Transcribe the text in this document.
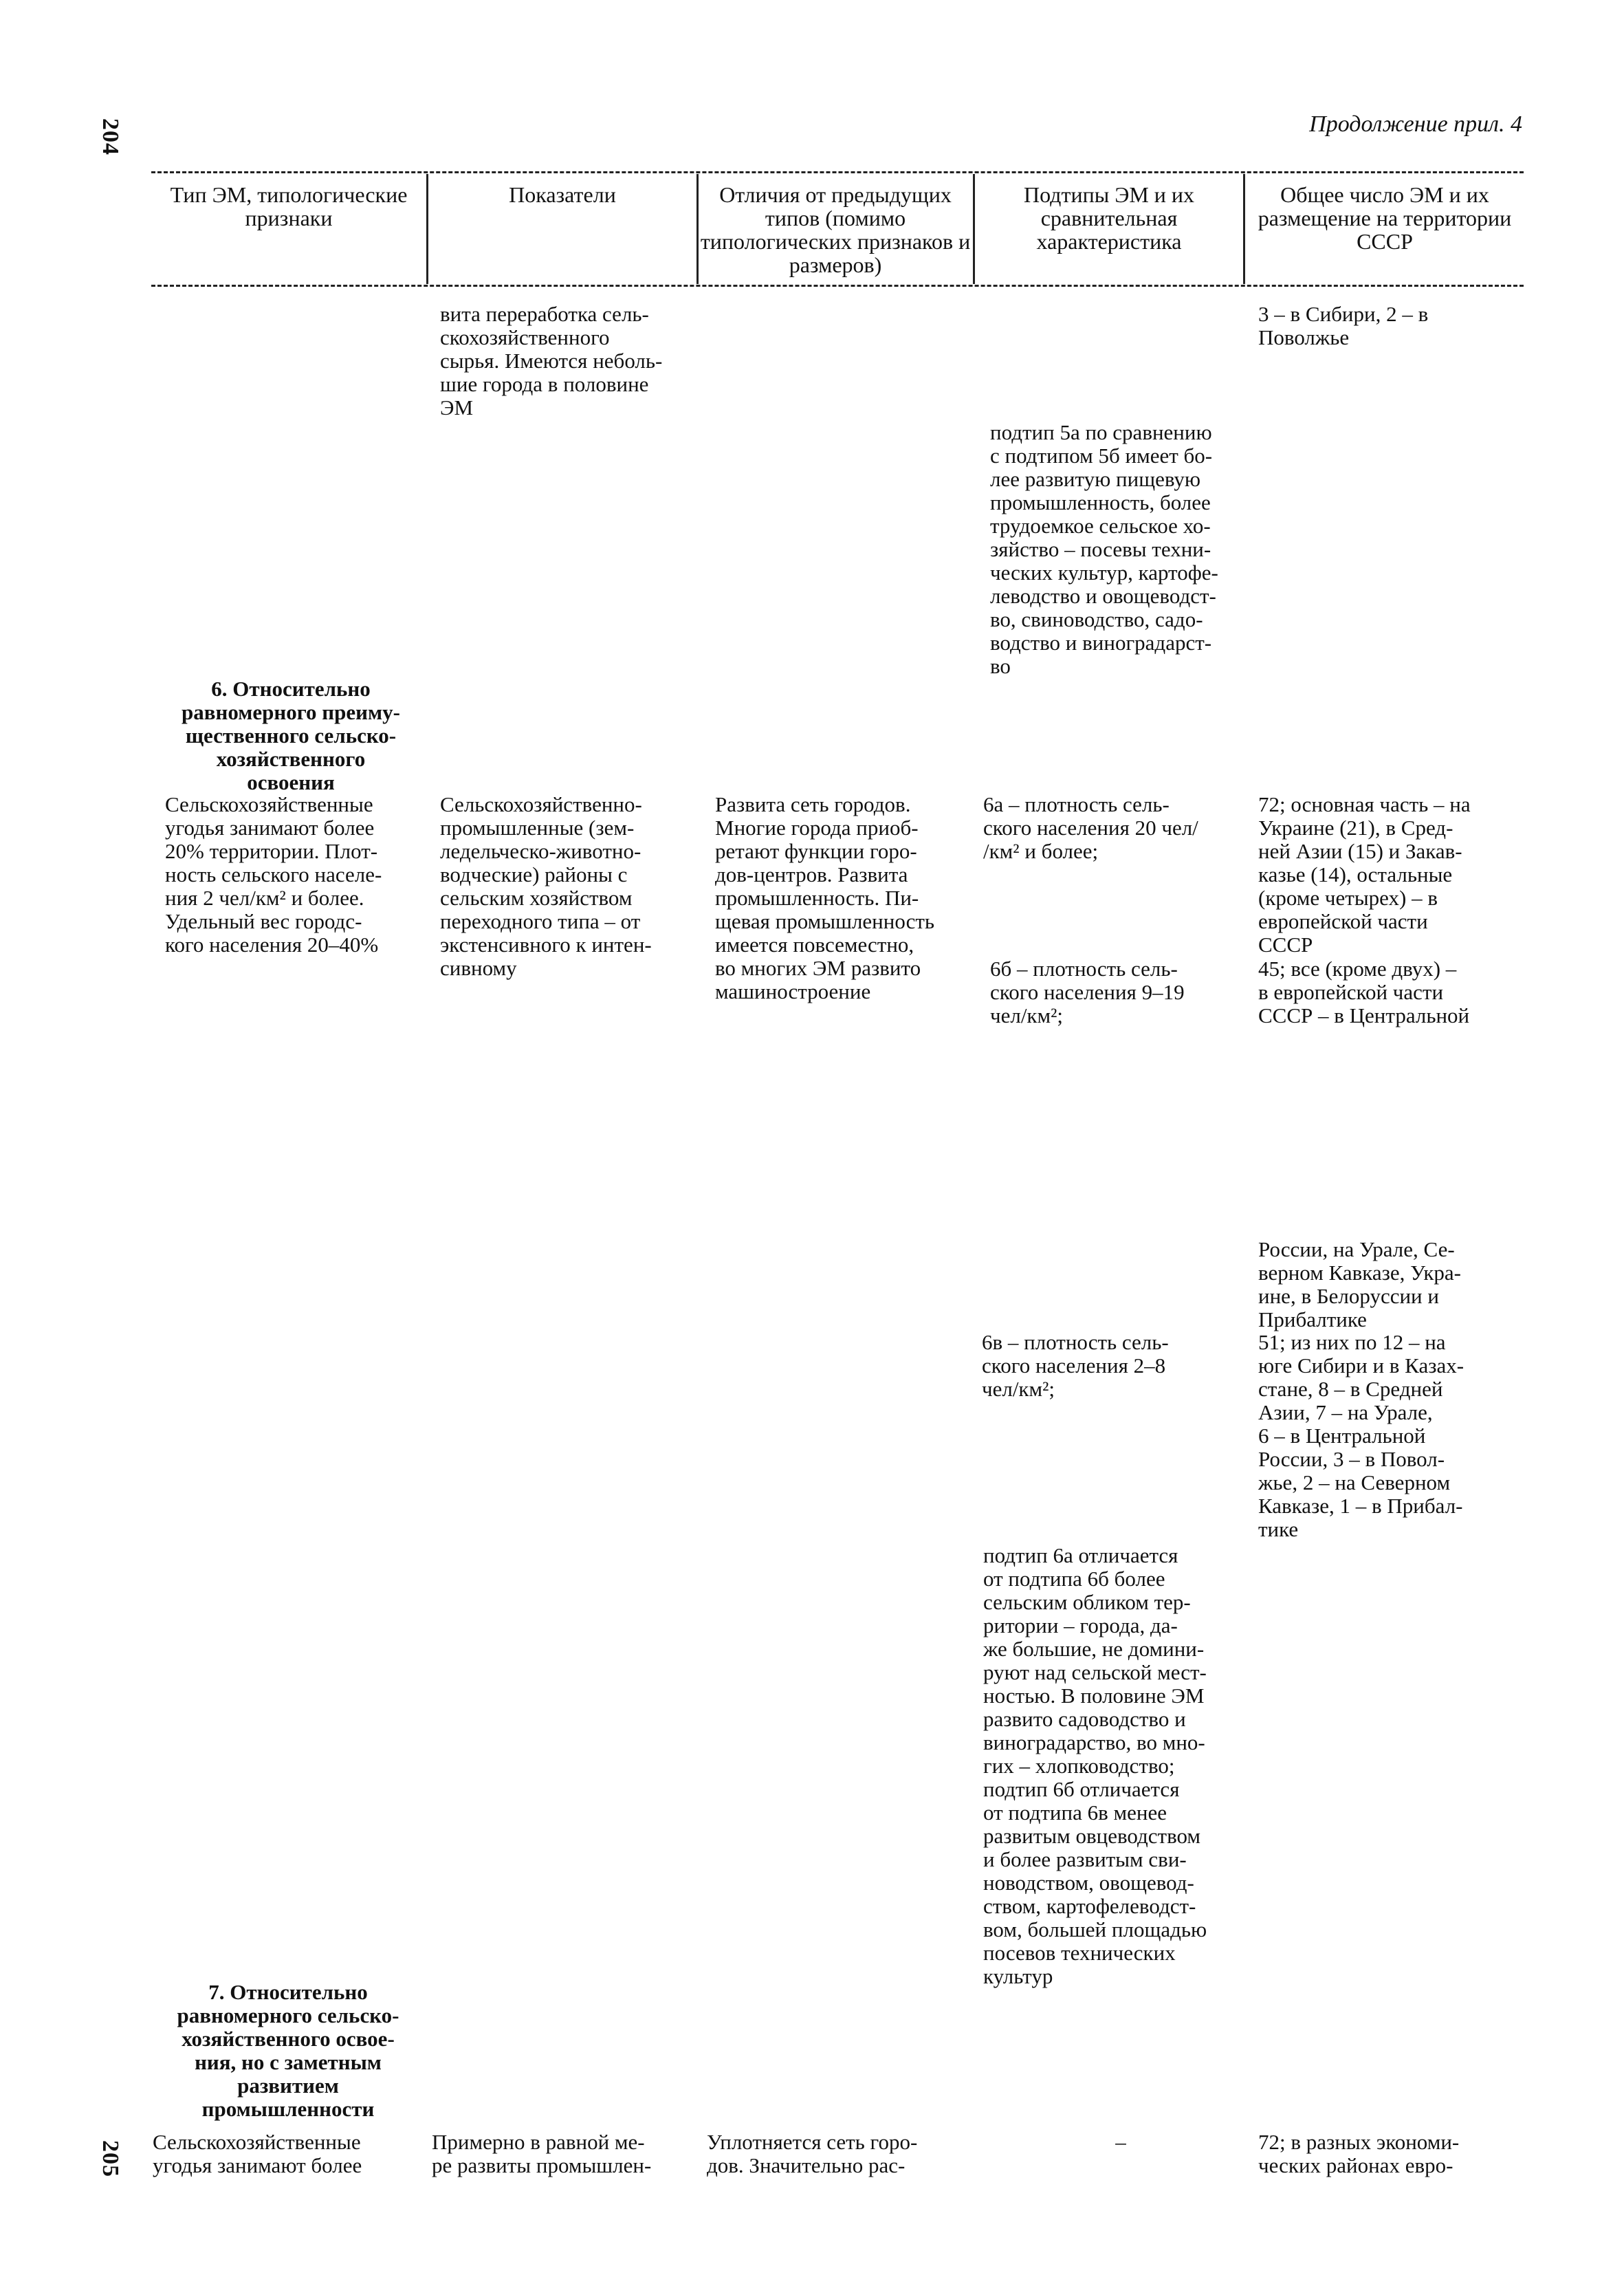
204
205
Продолжение прил. 4
Тип ЭМ, типологические признаки
Показатели	Отличия от предыдущих типов (помимо типологических признаков и размеров)
Подтипы ЭМ и их сравнительная характеристика
Общее число ЭМ и их размещение на территории СССР
вита переработка сель-
скохозяйственного
сырья. Имеются неболь-
шие города в половине
ЭМ
3 – в Сибири, 2 – в
Поволжье
подтип 5а по сравнению
с подтипом 5б имеет бо-
лее развитую пищевую
промышленность, более
трудоемкое сельское хо-
зяйство – посевы техни-
ческих культур, картофе-
леводство и овощеводст-
во, свиноводство, садо-
водство и виноградарст-
во
6. Относительно
равномерного преиму-
щественного сельско-
хозяйственного
освоения
Сельскохозяйственные
угодья занимают более
20% территории. Плот-
ность сельского населе-
ния 2 чел/км² и более.
Удельный вес городс-
кого населения 20–40%
Сельскохозяйственно-
промышленные (зем-
ледельческо-животно-
водческие) районы с
сельским хозяйством
переходного типа – от
экстенсивного к интен-
сивному
Развита сеть городов.
Многие города приоб-
ретают функции горо-
дов-центров. Развита
промышленность. Пи-
щевая промышленность
имеется повсеместно,
во многих ЭМ развито
машиностроение
6а – плотность сель-
ского населения 20 чел/
/км² и более;
72; основная часть – на
Украине (21), в Сред-
ней Азии (15) и Закав-
казье (14), остальные
(кроме четырех) – в
европейской части
СССР
6б – плотность сель-
ского населения 9–19
чел/км²;
45; все (кроме двух) –
в европейской части
СССР – в Центральной
России, на Урале, Се-
верном Кавказе, Укра-
ине, в Белоруссии и
Прибалтике
6в – плотность сель-
ского населения 2–8
чел/км²;
51; из них по 12 – на
юге Сибири и в Казах-
стане, 8 – в Средней
Азии, 7 – на Урале,
6 – в Центральной
России, 3 – в Повол-
жье, 2 – на Северном
Кавказе, 1 – в Прибал-
тике
подтип 6а отличается
от подтипа 6б более
сельским обликом тер-
ритории – города, да-
же большие, не домини-
руют над сельской мест-
ностью. В половине ЭМ
развито садоводство и
виноградарство, во мно-
гих – хлопководство;
подтип 6б отличается
от подтипа 6в менее
развитым овцеводством
и более развитым сви-
новодством, овощевод-
ством, картофелеводст-
вом, большей площадью
посевов технических
культур
7. Относительно
равномерного сельско-
хозяйственного освое-
ния, но с заметным
развитием
промышленности
Сельскохозяйственные
угодья занимают более
Примерно в равной ме-
ре развиты промышлен-
Уплотняется сеть горо-
дов. Значительно рас-
–	72; в разных экономи-
ческих районах евро-
